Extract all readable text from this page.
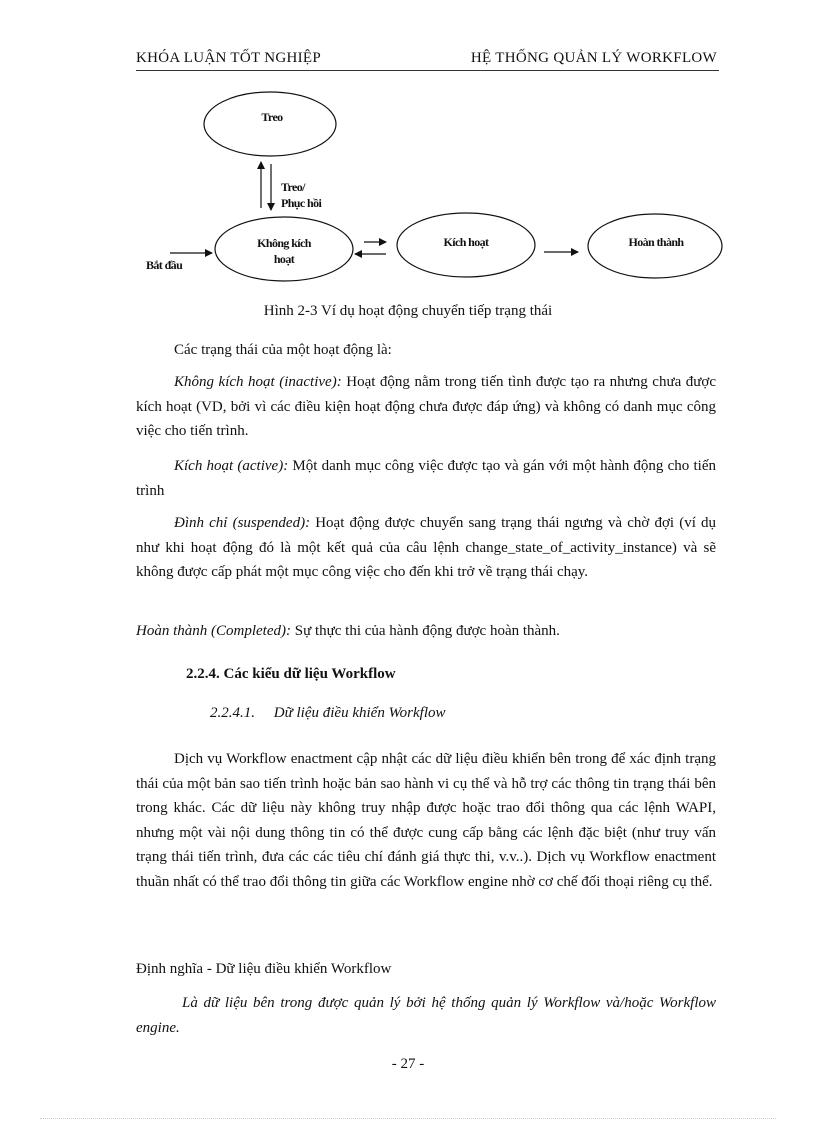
KHÓA LUẬN TỐT NGHIỆP	HỆ THỐNG QUẢN LÝ WORKFLOW
Treo
Không kích
hoạt
Kích hoạt	Hoàn thành
Treo/
Phục hồi
Bắt đầu
Hình 2-3 Ví dụ hoạt động chuyển tiếp trạng thái

Các trạng thái của một hoạt động là:

Không kích hoạt (inactive): Hoạt động nằm trong tiến tình được tạo ra nhưng chưa được kích hoạt (VD, bởi vì các điều kiện hoạt động chưa được đáp ứng) và không có danh mục công việc cho tiến trình.

Kích hoạt (active): Một danh mục công việc được tạo và gán với một hành động cho tiến trình

Đình chỉ (suspended): Hoạt động được chuyển sang trạng thái ngưng và chờ đợi (ví dụ như khi hoạt động đó là một kết quả của câu lệnh change_state_of_activity_instance) và sẽ không được cấp phát một mục công việc cho đến khi trở về trạng thái chạy.

Hoàn thành (Completed): Sự thực thi của hành động được hoàn thành.

2.2.4. Các kiểu dữ liệu Workflow
2.2.4.1.     Dữ liệu điều khiển Workflow

Dịch vụ Workflow enactment cập nhật các dữ liệu điều khiển bên trong để xác định trạng thái của một bản sao tiến trình hoặc bản sao hành vi cụ thể và hỗ trợ các thông tin trạng thái bên trong khác. Các dữ liệu này không truy nhập được hoặc trao đổi thông qua các lệnh WAPI, nhưng một vài nội dung thông tin có thể được cung cấp bằng các lệnh đặc biệt (như truy vấn trạng thái tiến trình, đưa các các tiêu chí đánh giá thực thi, v.v..). Dịch vụ Workflow enactment thuần nhất có thể trao đổi thông tin giữa các Workflow engine nhờ cơ chế đối thoại riêng cụ thể.

Định nghĩa - Dữ liệu điều khiển Workflow

Là dữ liệu bên trong được quản lý bởi hệ thống quản lý Workflow và/hoặc Workflow engine.

- 27 -
